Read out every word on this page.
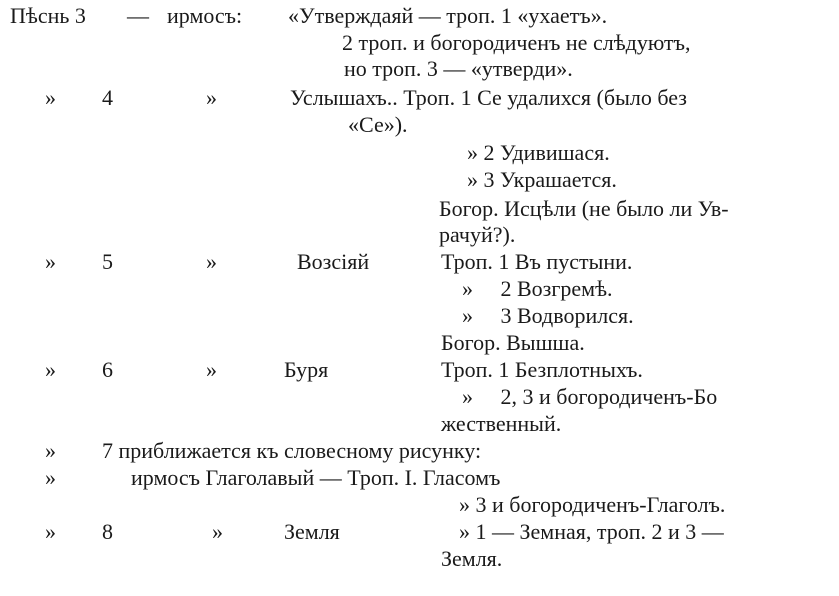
Пѣснь 3 — ирмосъ: «Утверждаяй — троп. 1 «ухаетъ».
2 троп. и богородиченъ не слѣдуютъ,
но троп. 3 — «утверди».
» 4	»	Услышахъ.. Троп. 1 Се удалихся (было без
«Се»).
» 2 Удивишася.
» 3 Украшается.
Богор. Исцѣли (не было ли Ув-
рачуй?).
» 5	»	Возсіяй	Троп. 1 Въ пустыни.
»     2 Возгремѣ.
»     3 Водворился.
Богор. Вышша.
» 6	»	Буря	Троп. 1 Безплотныхъ.
»     2, 3 и богородиченъ-Бо
жественный.
» 7 приближается къ словесному рисунку:
»	ирмосъ Глаголавый — Троп. І. Гласомъ
» 3 и богородиченъ-Глаголъ.
» 8	»	Земля	» 1 — Земная, троп. 2 и 3 —
Земля.
